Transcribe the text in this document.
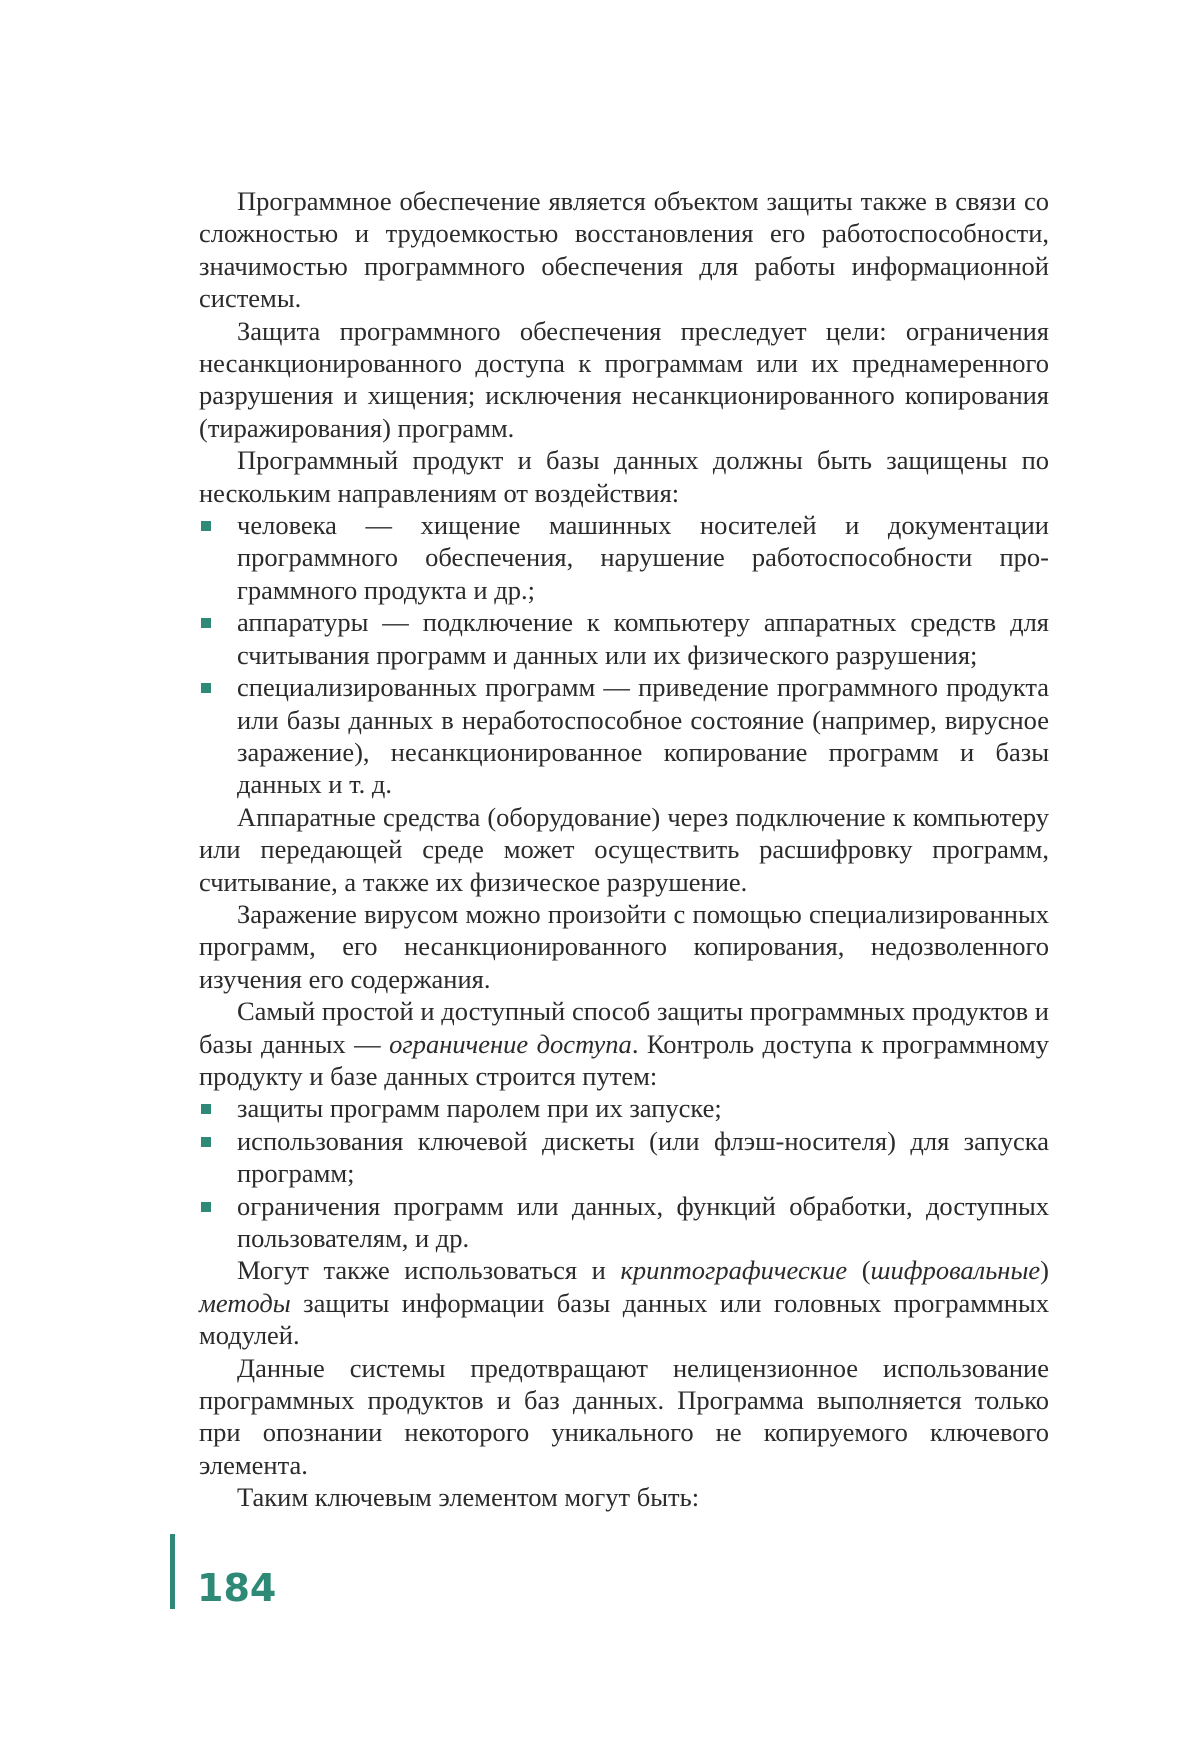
Программное обеспечение является объектом защиты также в связи со сложностью и трудоемкостью восстановления его работоспособности, значимостью программного обеспечения для работы информационной системы.

Защита программного обеспечения преследует цели: ограничения несанкционированного доступа к программам или их преднамеренного разрушения и хищения; исключения несанкционированного копирования (тиражирования) программ.

Программный продукт и базы данных должны быть защищены по нескольким направлениям от воздействия:

человека — хищение машинных носителей и документации программного обеспечения, нарушение работоспособности программного продукта и др.;
аппаратуры — подключение к компьютеру аппаратных средств для считывания программ и данных или их физического разрушения;
специализированных программ — приведение программного продукта или базы данных в неработоспособное состояние (например, вирусное заражение), несанкционированное копирование программ и базы данных и т. д.

Аппаратные средства (оборудование) через подключение к компьютеру или передающей среде может осуществить расшифровку программ, считывание, а также их физическое разрушение.

Заражение вирусом можно произойти с помощью специализированных программ, его несанкционированного копирования, недозволенного изучения его содержания.

Самый простой и доступный способ защиты программных продуктов и базы данных — ограничение доступа. Контроль доступа к программному продукту и базе данных строится путем:

защиты программ паролем при их запуске;
использования ключевой дискеты (или флэш-носителя) для запуска программ;
ограничения программ или данных, функций обработки, доступных пользователям, и др.

Могут также использоваться и криптографические (шифровальные) методы защиты информации базы данных или головных программных модулей.

Данные системы предотвращают нелицензионное использование программных продуктов и баз данных. Программа выполняется только при опознании некоторого уникального не копируемого ключевого элемента.

Таким ключевым элементом могут быть:

184
